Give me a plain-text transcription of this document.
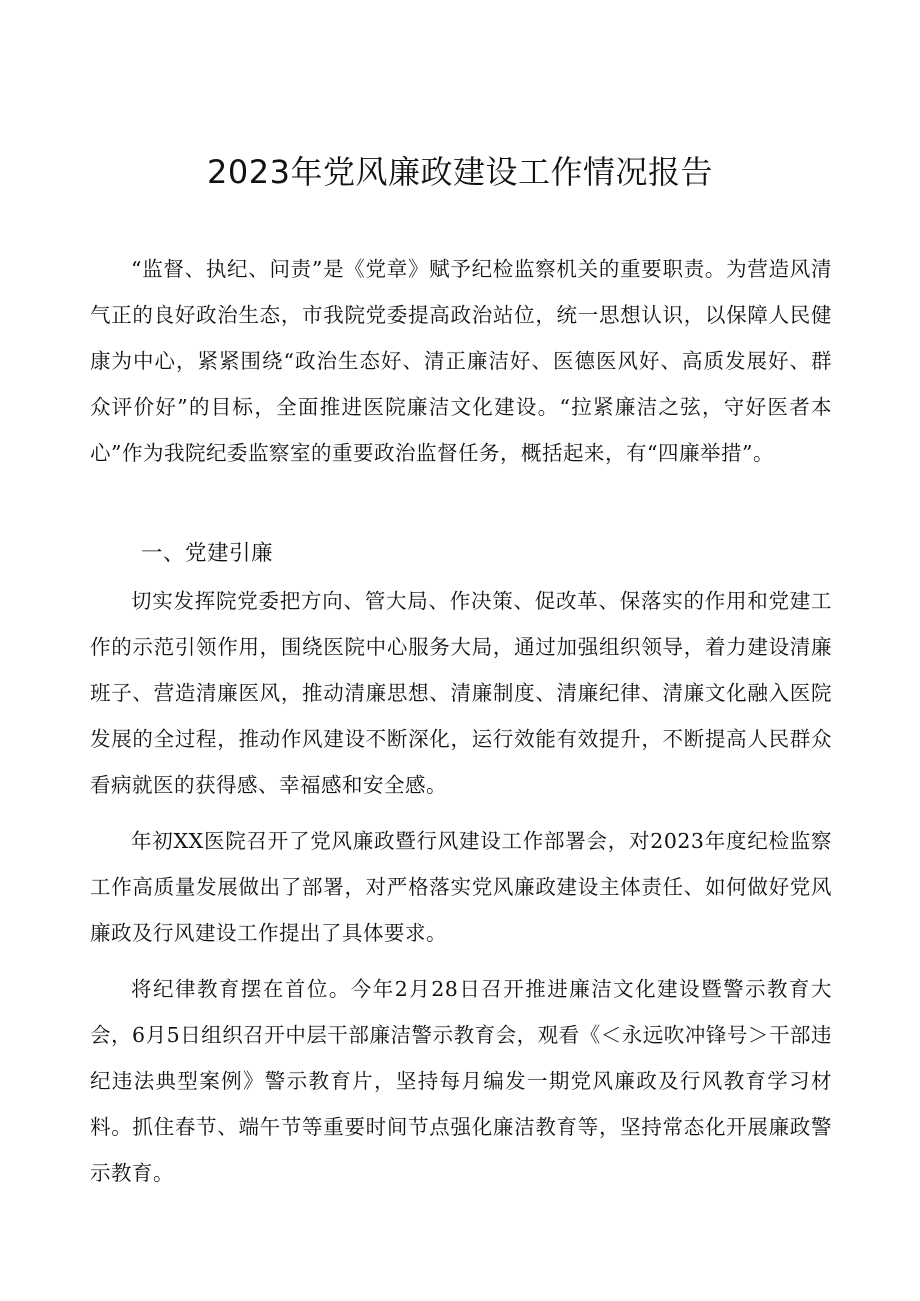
2023年党风廉政建设工作情况报告

“监督、执纪、问责”是《党章》赋予纪检监察机关的重要职责。为营造风清气正的良好政治生态，市我院党委提高政治站位，统一思想认识，以保障人民健康为中心，紧紧围绕“政治生态好、清正廉洁好、医德医风好、高质发展好、群众评价好”的目标，全面推进医院廉洁文化建设。“拉紧廉洁之弦，守好医者本心”作为我院纪委监察室的重要政治监督任务，概括起来，有“四廉举措”。

一、党建引廉

切实发挥院党委把方向、管大局、作决策、促改革、保落实的作用和党建工作的示范引领作用，围绕医院中心服务大局，通过加强组织领导，着力建设清廉班子、营造清廉医风，推动清廉思想、清廉制度、清廉纪律、清廉文化融入医院发展的全过程，推动作风建设不断深化，运行效能有效提升，不断提高人民群众看病就医的获得感、幸福感和安全感。

年初XX医院召开了党风廉政暨行风建设工作部署会，对2023年度纪检监察工作高质量发展做出了部署，对严格落实党风廉政建设主体责任、如何做好党风廉政及行风建设工作提出了具体要求。

将纪律教育摆在首位。今年2月28日召开推进廉洁文化建设暨警示教育大会，6月5日组织召开中层干部廉洁警示教育会，观看《＜永远吹冲锋号＞干部违纪违法典型案例》警示教育片，坚持每月编发一期党风廉政及行风教育学习材料。抓住春节、端午节等重要时间节点强化廉洁教育等，坚持常态化开展廉政警示教育。
